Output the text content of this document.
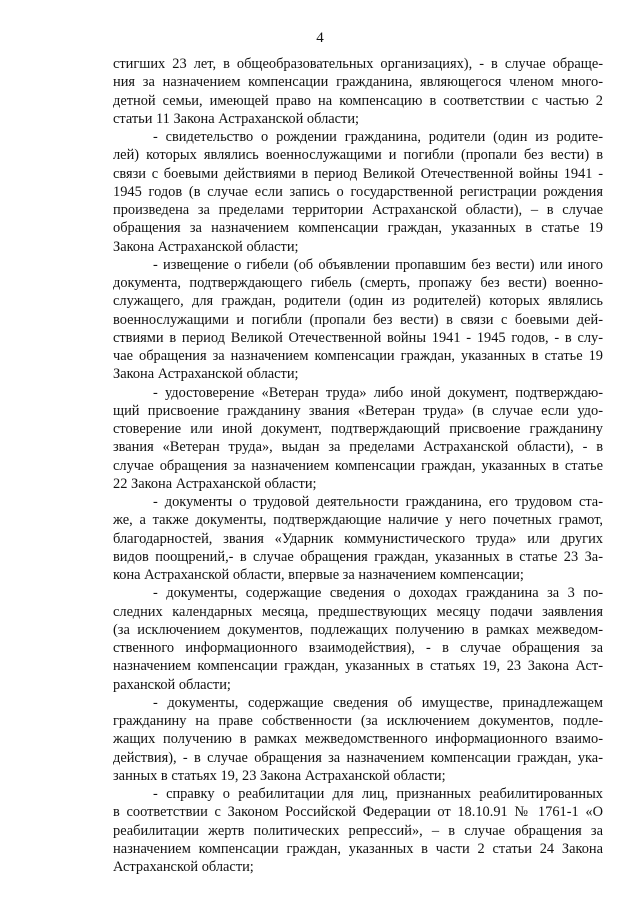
4
стигших 23 лет, в общеобразовательных организациях), - в случае обраще-
ния за назначением компенсации гражданина, являющегося членом много-
детной семьи, имеющей право на компенсацию в соответствии с частью 2
статьи 11 Закона Астраханской области;
- свидетельство о рождении гражданина, родители (один из родите-
лей) которых являлись военнослужащими и погибли (пропали без вести) в
связи с боевыми действиями в период Великой Отечественной войны 1941 -
1945 годов (в случае если запись о государственной регистрации рождения
произведена за пределами территории Астраханской области), – в случае
обращения за назначением компенсации граждан, указанных в статье 19
Закона Астраханской области;
- извещение о гибели (об объявлении пропавшим без вести) или иного
документа, подтверждающего гибель (смерть, пропажу без вести) военно-
служащего, для граждан, родители (один из родителей) которых являлись
военнослужащими и погибли (пропали без вести) в связи с боевыми дей-
ствиями в период Великой Отечественной войны 1941 - 1945 годов, - в слу-
чае обращения за назначением компенсации граждан, указанных в статье 19
Закона Астраханской области;
- удостоверение «Ветеран труда» либо иной документ, подтверждаю-
щий присвоение гражданину звания «Ветеран труда» (в случае если удо-
стоверение или иной документ, подтверждающий присвоение гражданину
звания «Ветеран труда», выдан за пределами Астраханской области), - в
случае обращения за назначением компенсации граждан, указанных в статье
22 Закона Астраханской области;
- документы о трудовой деятельности гражданина, его трудовом ста-
же, а также документы, подтверждающие наличие у него почетных грамот,
благодарностей, звания «Ударник коммунистического труда» или других
видов поощрений,- в случае обращения граждан, указанных в статье 23 За-
кона Астраханской области, впервые за назначением компенсации;
- документы, содержащие сведения о доходах гражданина за 3 по-
следних календарных месяца, предшествующих месяцу подачи заявления
(за исключением документов, подлежащих получению в рамках межведом-
ственного информационного взаимодействия), - в случае обращения за
назначением компенсации граждан, указанных в статьях 19, 23 Закона Аст-
раханской области;
- документы, содержащие сведения об имуществе, принадлежащем
гражданину на праве собственности (за исключением документов, подле-
жащих получению в рамках межведомственного информационного взаимо-
действия), - в случае обращения за назначением компенсации граждан, ука-
занных в статьях 19, 23 Закона Астраханской области;
- справку о реабилитации для лиц, признанных реабилитированных
в соответствии с Законом Российской Федерации от 18.10.91 № 1761-1 «О
реабилитации жертв политических репрессий», – в случае обращения за
назначением компенсации граждан, указанных в части 2 статьи 24 Закона
Астраханской области;
